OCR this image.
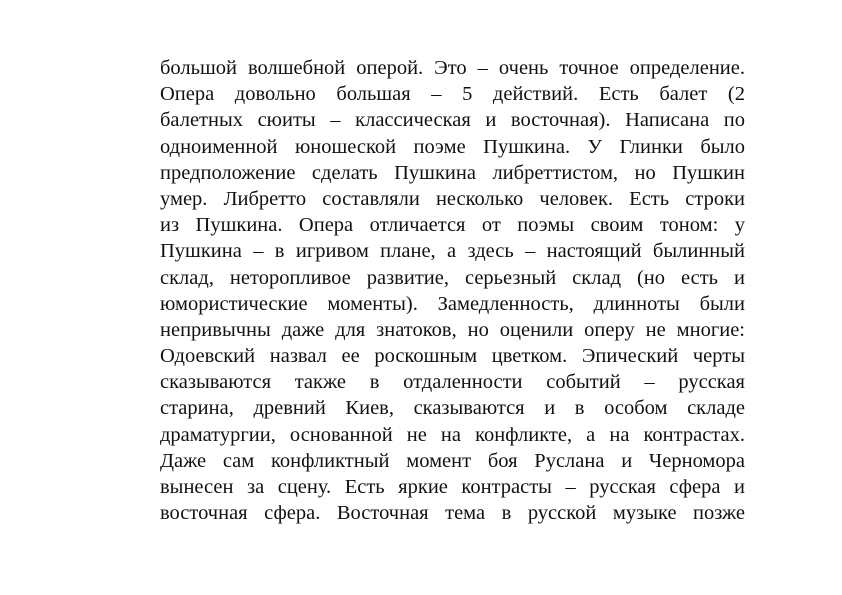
большой волшебной оперой. Это – очень точное определение.
Опера довольно большая – 5 действий. Есть балет (2
балетных сюиты – классическая и восточная). Написана по
одноименной юношеской поэме Пушкина. У Глинки было
предположение сделать Пушкина либреттистом, но Пушкин
умер. Либретто составляли несколько человек. Есть строки
из Пушкина. Опера отличается от поэмы своим тоном: у
Пушкина – в игривом плане, а здесь – настоящий былинный
склад, неторопливое развитие, серьезный склад (но есть и
юмористические моменты). Замедленность, длинноты были
непривычны даже для знатоков, но оценили оперу не многие:
Одоевский назвал ее роскошным цветком. Эпический черты
сказываются также в отдаленности событий – русская
старина, древний Киев, сказываются и в особом складе
драматургии, основанной не на конфликте, а на контрастах.
Даже сам конфликтный момент боя Руслана и Черномора
вынесен за сцену. Есть яркие контрасты – русская сфера и
восточная сфера. Восточная тема в русской музыке позже
